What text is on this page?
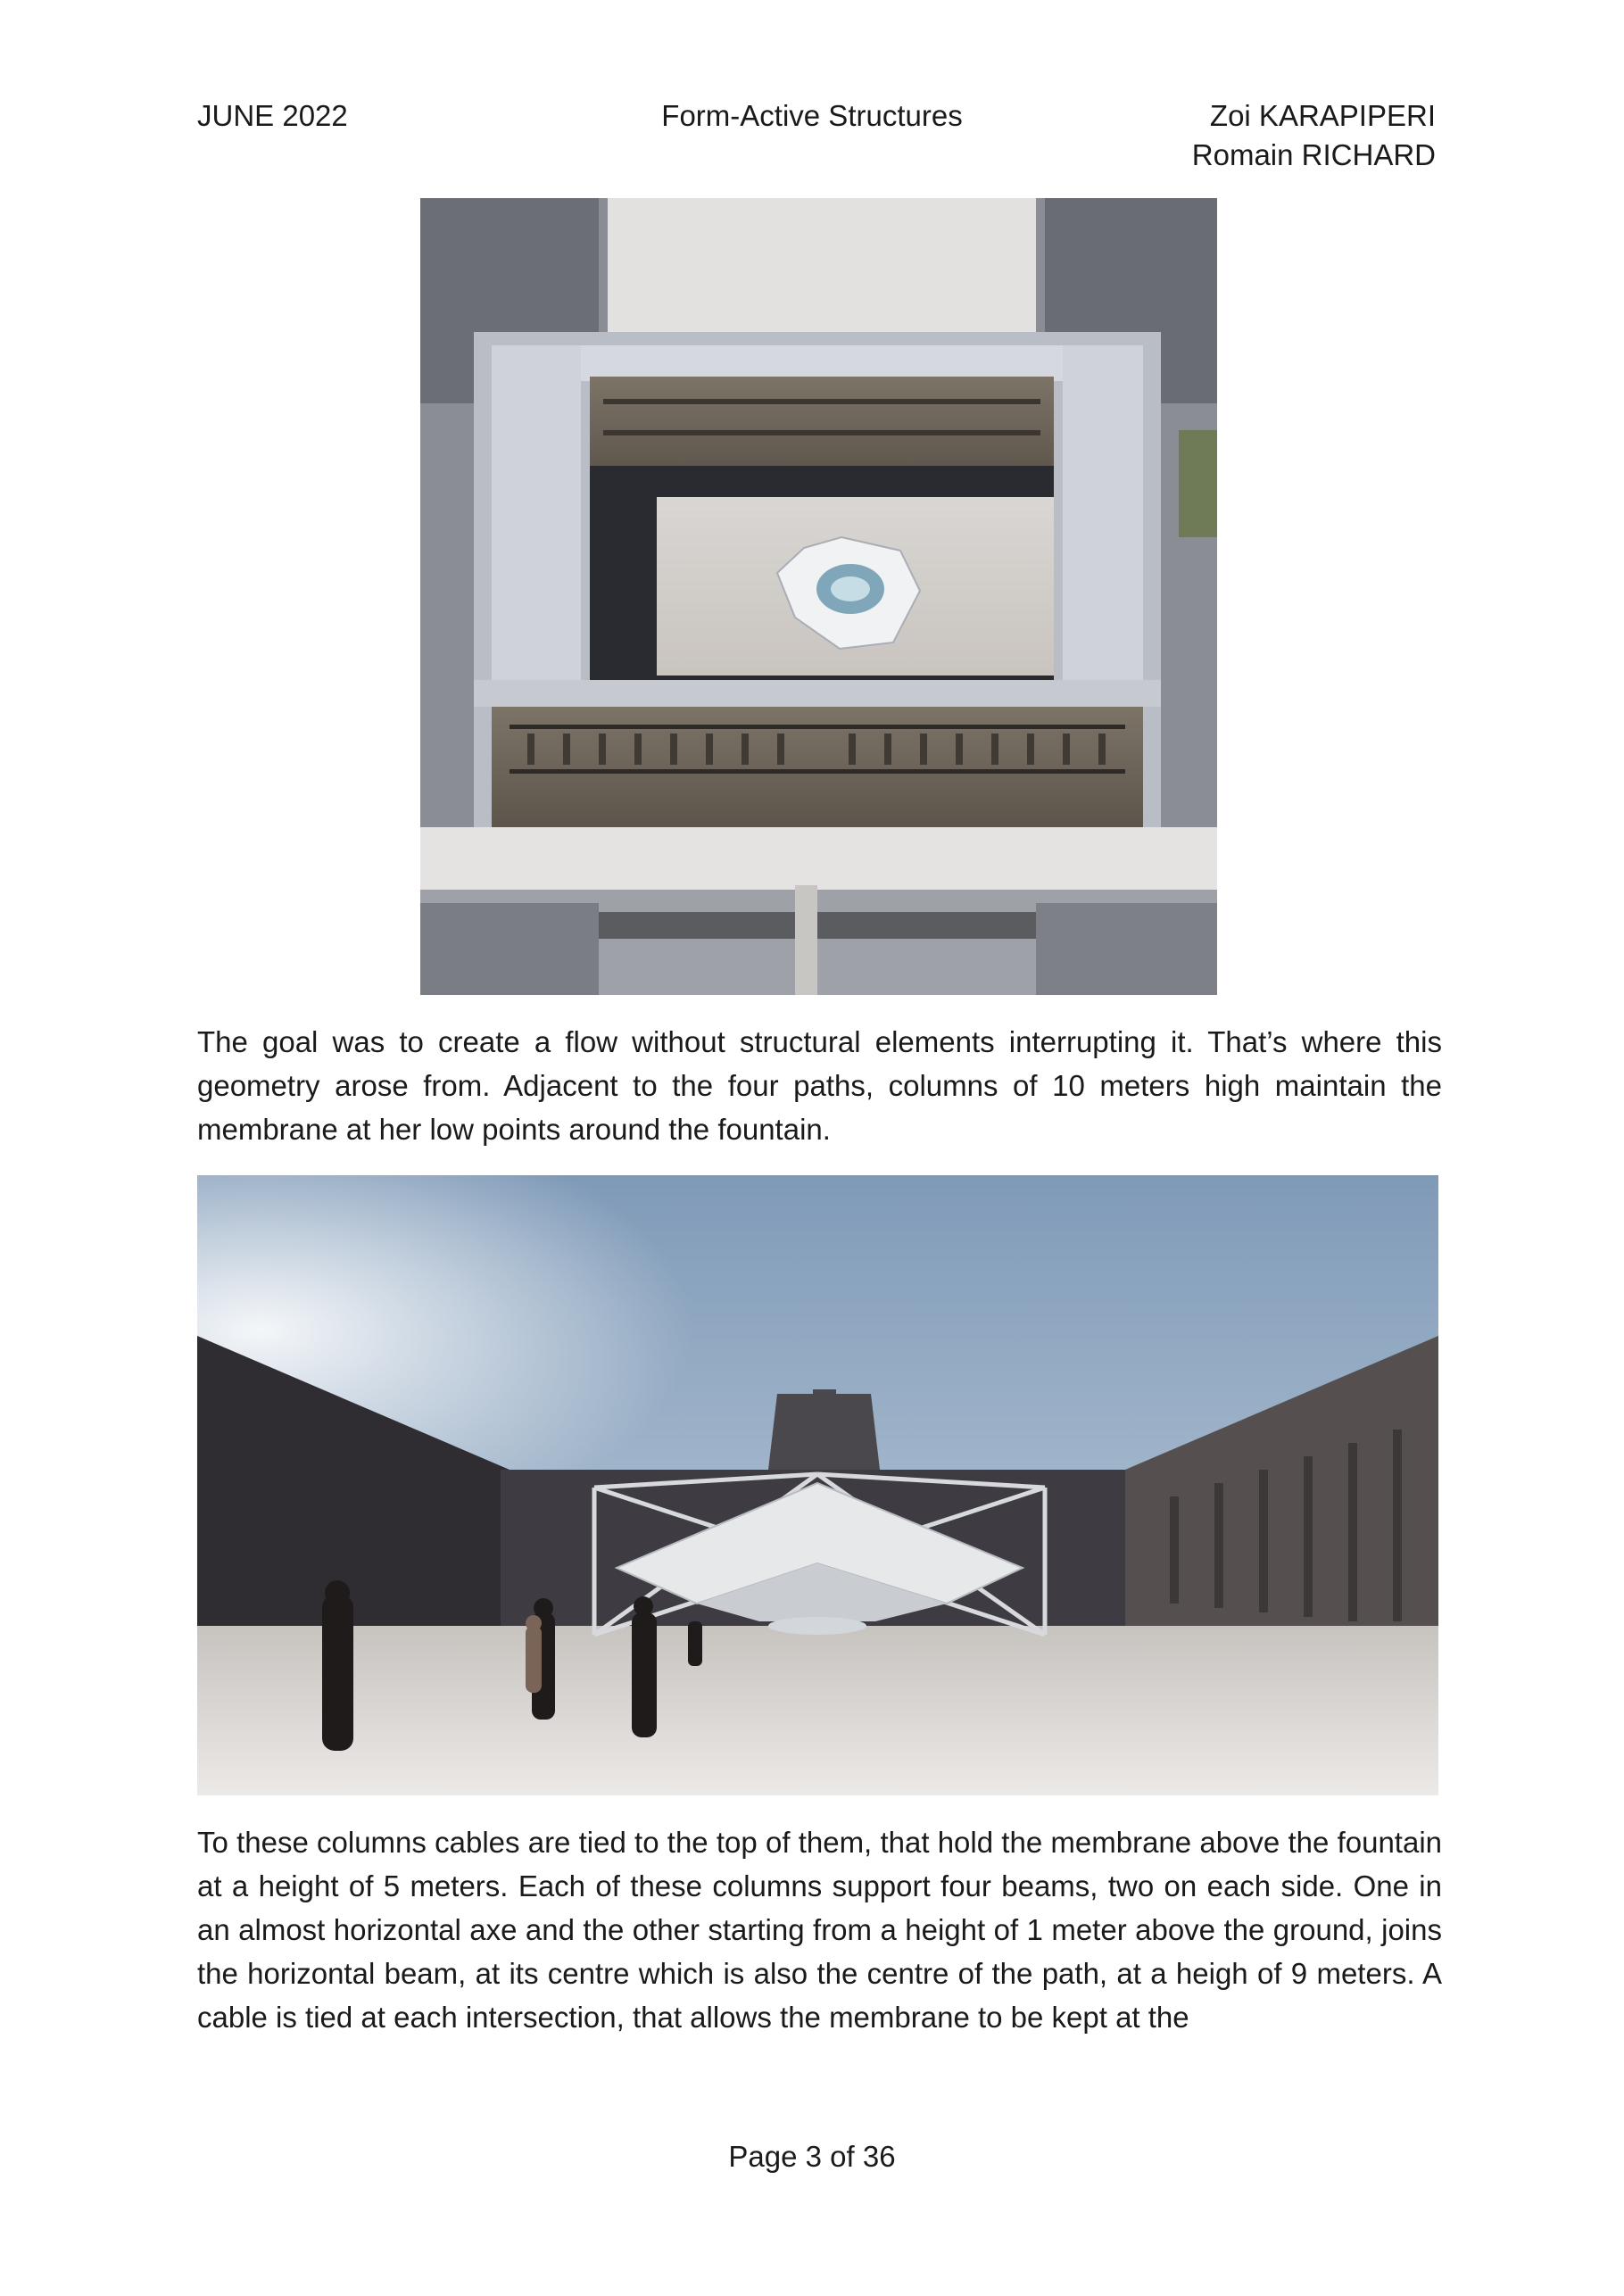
JUNE 2022	Form-Active Structures	Zoi KARAPIPERI
Romain RICHARD

The goal was to create a flow without structural elements interrupting it. That’s where this geometry arose from. Adjacent to the four paths, columns of 10 meters high maintain the membrane at her low points around the fountain.

To these columns cables are tied to the top of them, that hold the membrane above the fountain at a height of 5 meters. Each of these columns support four beams, two on each side. One in an almost horizontal axe and the other starting from a height of 1 meter above the ground, joins the horizontal beam, at its centre which is also the centre of the path, at a heigh of 9 meters. A cable is tied at each intersection, that allows the membrane to be kept at the

Page 3 of 36
